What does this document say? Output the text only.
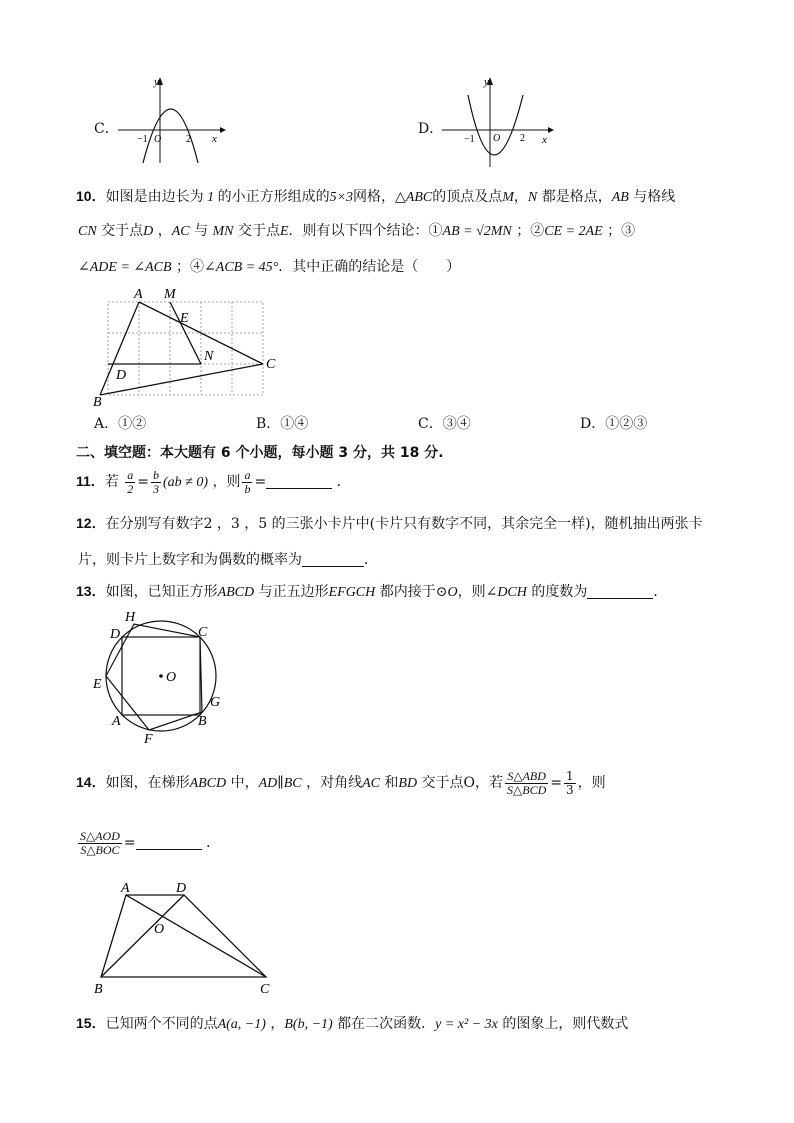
C．
y
x
−1 O 2
D．
y
x
−1 O 2
10．如图是由边长为 1 的小正方形组成的5×3网格，△ABC的顶点及点M，N 都是格点，AB 与格线
CN 交于点D ，AC 与 MN 交于点E．则有以下四个结论：①AB = √2MN ；②CE = 2AE ；③
∠ADE = ∠ACB ；④∠ACB = 45°．其中正确的结论是（　　）
A M
E
N
C
D
B
A．①②	B．①④	C．③④	D．①②③
二、填空题：本大题有 6 个小题，每小题 3 分，共 18 分.
11．若 $\frac{a}{2} = \frac{b}{3} (ab \ne 0)$ ，则 $\frac{a}{b}$ =	．
12．在分别写有数字2 ，3 ，5 的三张小卡片中(卡片只有数字不同，其余完全一样)，随机抽出两张卡
片，则卡片上数字和为偶数的概率为	．
13．如图，已知正方形ABCD 与正五边形EFGCH 都内接于⊙O，则∠DCH 的度数为	．
H
D	C
O
E
G
A	B
F
14．如图，在梯形ABCD 中，AD∥BC ，对角线AC 和BD 交于点O，若 $\frac{\text{S△ABD}}{\text{S△BCD}} = \frac{1}{3}$ ，则
$\frac{\text{S△AOD}}{\text{S△BOC}}$ =	．
A	D
O
B	C
15．已知两个不同的点A(a, −1) ，B(b, −1) 都在二次函数．y = x² − 3x 的图象上，则代数式
